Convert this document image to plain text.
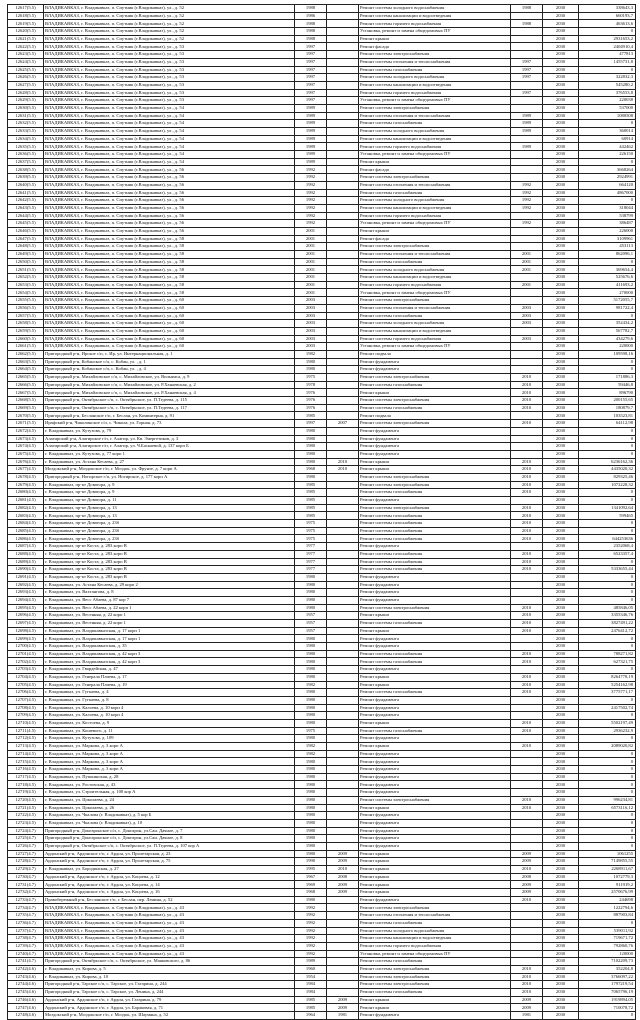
12617(5.5)	ВЛАДИКАВКАЗ, г. Владикавказ, п. Спутник (г.Владикавказ), ул., д. 52	1988		Ремонт системы холодного водоснабжения	1988	2030	338643,3
12618(5.5)	ВЛАДИКАВКАЗ, г. Владикавказ, п. Спутник (г.Владикавказ), ул., д. 52	1986		Ремонт системы канализации и водоотведения		2030	660193,7
12619(5.5)	ВЛАДИКАВКАЗ, г. Владикавказ, п. Спутник (г.Владикавказ), ул., д. 52	1988		Ремонт системы горячего водоснабжения	1988	2030	463613,6
12620(5.5)	ВЛАДИКАВКАЗ, г. Владикавказ, п. Спутник (г.Владикавказ), ул., д. 52	1988		Установка, ремонт и замена общедомовых ПУ		2030	0
12621(5.5)	ВЛАДИКАВКАЗ, г. Владикавказ, п. Спутник (г.Владикавказ), ул., д. 52	1988		Ремонт крыши		2030	2931653,2
12622(5.5)	ВЛАДИКАВКАЗ, г. Владикавказ, п. Спутник (г.Владикавказ), ул., д. 53	1997		Ремонт фасада		2030	2404910,4
12623(5.5)	ВЛАДИКАВКАЗ, г. Владикавказ, п. Спутник (г.Владикавказ), ул., д. 53	1997		Ремонт системы электроснабжения		2030	477813
12624(5.5)	ВЛАДИКАВКАЗ, г. Владикавказ, п. Спутник (г.Владикавказ), ул., д. 53	1997		Ремонт системы отопления и теплоснабжения	1997	2030	1455731,8
12625(5.5)	ВЛАДИКАВКАЗ, г. Владикавказ, п. Спутник (г.Владикавказ), ул., д. 53	1997		Ремонт системы газоснабжения	1997	2030	0
12626(5.5)	ВЛАДИКАВКАЗ, г. Владикавказ, п. Спутник (г.Владикавказ), ул., д. 53	1997		Ремонт системы холодного водоснабжения	1997	2030	322832,3
12627(5.5)	ВЛАДИКАВКАЗ, г. Владикавказ, п. Спутник (г.Владикавказ), ул., д. 53	1997		Ремонт системы канализации и водоотведения		2030	545280,2
12628(5.5)	ВЛАДИКАВКАЗ, г. Владикавказ, п. Спутник (г.Владикавказ), ул., д. 53	1997		Ремонт системы горячего водоснабжения	1997	2030	376553,8
12629(5.5)	ВЛАДИКАВКАЗ, г. Владикавказ, п. Спутник (г.Владикавказ), ул., д. 53	1997		Установка, ремонт и замена общедомовых ПУ		2030	220038
12630(5.5)	ВЛАДИКАВКАЗ, г. Владикавказ, п. Спутник (г.Владикавказ), ул., д. 54	1989		Ремонт системы электроснабжения		2030	537000
12631(5.5)	ВЛАДИКАВКАЗ, г. Владикавказ, п. Спутник (г.Владикавказ), ул., д. 54	1989		Ремонт системы отопления и теплоснабжения	1989	2030	1080508
12632(5.5)	ВЛАДИКАВКАЗ, г. Владикавказ, п. Спутник (г.Владикавказ), ул., д. 54	1989		Ремонт системы газоснабжения	1989	2030	0
12633(5.5)	ВЛАДИКАВКАЗ, г. Владикавказ, п. Спутник (г.Владикавказ), ул., д. 54	1989		Ремонт системы холодного водоснабжения	1989	2030	360014
12634(5.5)	ВЛАДИКАВКАЗ, г. Владикавказ, п. Спутник (г.Владикавказ), ул., д. 54	1989		Ремонт системы канализации и водоотведения		2030	60914
12635(5.5)	ВЛАДИКАВКАЗ, г. Владикавказ, п. Спутник (г.Владикавказ), ул., д. 54	1989		Ремонт системы горячего водоснабжения	1989	2030	442462
12636(5.5)	ВЛАДИКАВКАЗ, г. Владикавказ, п. Спутник (г.Владикавказ), ул., д. 54	1989		Установка, ремонт и замена общедомовых ПУ		2030	226150
12637(5.5)	ВЛАДИКАВКАЗ, г. Владикавказ, п. Спутник (г.Владикавказ), ул., д. 54	1989		Ремонт крыши		2030	0
12638(5.5)	ВЛАДИКАВКАЗ, г. Владикавказ, п. Спутник (г.Владикавказ), ул., д. 56	1992		Ремонт фасада		2030	3668264
12639(5.5)	ВЛАДИКАВКАЗ, г. Владикавказ, п. Спутник (г.Владикавказ), ул., д. 56	1992		Ремонт системы электроснабжения		2030	2924991
12640(5.5)	ВЛАДИКАВКАЗ, г. Владикавказ, п. Спутник (г.Владикавказ), ул., д. 56	1992		Ремонт системы отопления и теплоснабжения	1992	2030	664120
12641(5.5)	ВЛАДИКАВКАЗ, г. Владикавказ, п. Спутник (г.Владикавказ), ул., д. 56	1992		Ремонт системы газоснабжения	1992	2030	4867000
12642(5.5)	ВЛАДИКАВКАЗ, г. Владикавказ, п. Спутник (г.Владикавказ), ул., д. 56	1992		Ремонт системы холодного водоснабжения	1992	2030	0
12643(5.5)	ВЛАДИКАВКАЗ, г. Владикавказ, п. Спутник (г.Владикавказ), ул., д. 56	1992		Ремонт системы канализации и водоотведения	1992	2030	318044
12644(5.5)	ВЛАДИКАВКАЗ, г. Владикавказ, п. Спутник (г.Владикавказ), ул., д. 56	1992		Ремонт системы горячего водоснабжения		2030	538799
12645(5.5)	ВЛАДИКАВКАЗ, г. Владикавказ, п. Спутник (г.Владикавказ), ул., д. 56	1992		Установка, ремонт и замена общедомовых ПУ	1992	2030	386487
12646(5.5)	ВЛАДИКАВКАЗ, г. Владикавказ, п. Спутник (г.Владикавказ), ул., д. 56	2001		Ремонт крыши		2030	226000
12647(5.5)	ВЛАДИКАВКАЗ, г. Владикавказ, п. Спутник (г.Владикавказ), ул., д. 58	2001		Ремонт фасада		2030	3109961
12648(5.5)	ВЛАДИКАВКАЗ, г. Владикавказ, п. Спутник (г.Владикавказ), ул., д. 58	2001		Ремонт системы электроснабжения		2030	453113
12649(5.5)	ВЛАДИКАВКАЗ, г. Владикавказ, п. Спутник (г.Владикавказ), ул., д. 58	2001		Ремонт системы отопления и теплоснабжения	2001	2030	862096,1
12650(5.5)	ВЛАДИКАВКАЗ, г. Владикавказ, п. Спутник (г.Владикавказ), ул., д. 58	2001		Ремонт системы газоснабжения	2001	2030	0
12651(5.5)	ВЛАДИКАВКАЗ, г. Владикавказ, п. Спутник (г.Владикавказ), ул., д. 58	2001		Ремонт системы холодного водоснабжения	2001	2030	369654,4
12652(5.5)	ВЛАДИКАВКАЗ, г. Владикавказ, п. Спутник (г.Владикавказ), ул., д. 58	2001		Ремонт системы канализации и водоотведения		2030	525676,6
12653(5.5)	ВЛАДИКАВКАЗ, г. Владикавказ, п. Спутник (г.Владикавказ), ул., д. 58	2001		Ремонт системы горячего водоснабжения	2001	2030	411693,2
12654(5.5)	ВЛАДИКАВКАЗ, г. Владикавказ, п. Спутник (г.Владикавказ), ул., д. 58	2001		Установка, ремонт и замена общедомовых ПУ		2030	270000
12655(5.5)	ВЛАДИКАВКАЗ, г. Владикавказ, п. Спутник (г.Владикавказ), ул., д. 60	2003		Ремонт системы электроснабжения		2030	5172055,7
12656(5.5)	ВЛАДИКАВКАЗ, г. Владикавказ, п. Спутник (г.Владикавказ), ул., д. 60	2003		Ремонт системы отопления и теплоснабжения	2003	2030	981722,4
12657(5.5)	ВЛАДИКАВКАЗ, г. Владикавказ, п. Спутник (г.Владикавказ), ул., д. 60	2003		Ремонт системы газоснабжения	2003	2030	0
12658(5.5)	ВЛАДИКАВКАЗ, г. Владикавказ, п. Спутник (г.Владикавказ), ул., д. 60	2003		Ремонт системы холодного водоснабжения	2003	2030	352434,2
12659(5.5)	ВЛАДИКАВКАЗ, г. Владикавказ, п. Спутник (г.Владикавказ), ул., д. 60	2003		Ремонт системы канализации и водоотведения		2030	567782,7
12660(5.5)	ВЛАДИКАВКАЗ, г. Владикавказ, п. Спутник (г.Владикавказ), ул., д. 60	2003		Ремонт системы горячего водоснабжения	2003	2030	434279,6
12661(5.5)	ВЛАДИКАВКАЗ, г. Владикавказ, п. Спутник (г.Владикавказ), ул., д. 60	2003		Установка, ремонт и замена общедомовых ПУ		2030	220000
12662(5.5)	Пригородный р-н, Ирское с/п, с. Ир, ул. Интернациональная, д. 1	1982		Ремонт подвала		2030	109598,16
12663(5.5)	Пригородный р-н, Кобанское с/п, с. Кобан, ул. , д. 1	1980		Ремонт фундамента		2030	0
12664(5.5)	Пригородный р-н, Кобанское с/п, с. Кобан, ул. , д. 4	1980		Ремонт фундамента		2030	0
12665(5.5)	Пригородный р-н, Михайловское с/п, с. Михайловское, ул. Вильямса, д. 9	1975		Ремонт системы электроснабжения	2010	2030	171886,3
12666(5.5)	Пригородный р-н, Михайловское с/п, с. Михайловское, ул. Р.Ханаевская, д. 2	1978		Ремонт системы газоснабжения	2010	2030	59446,8
12667(5.5)	Пригородный р-н, Михайловское с/п, с. Михайловское, ул. Р.Ханаевская, д. 4	1976		Ремонт крыши	2010	2030	896790
12668(5.5)	Пригородный р-н, Октябрьское с/п, с. Октябрьское, ул. П.Тедеева, д. 115	1976		Ремонт системы электроснабжения	2010	2030	200155,65
12669(5.5)	Пригородный р-н, Октябрьское с/п, с. Октябрьское, ул. П.Тедеева, д. 117	1976		Ремонт системы газоснабжения	2010	2030	180879,7
12670(5.5)	Пригородный р-н, Бесланское г/п, г. Беслан, ул. Коминтерна, д. 91	1985		Ремонт подвала		2030	103523,81
12671(5.5)	Ирафский р-н, Чиколинское с/п, с. Чикола, ул. Горная, д. 73	1997	2007	Ремонт системы электроснабжения	2010	2030	64112,98
12672(4.5)	г. Владикавказ, ул. Кутузова, д. 79	1980		Ремонт фундамента		2030	0
12673(4.5)	Алагирский р-н, Алагирское г/п, г. Алагир, ул. Кв. Энергетиков, д. 3	1980		Ремонт фундамента		2030	0
12674(4.5)	Алагирский р-н, Алагирское г/п, г. Алагир, ул. Ч.Баскаевой, д. 137 корп Б	1980		Ремонт фундамента		2030	0
12675(4.5)	г. Владикавказ, ул. Кутузова, д. 77 корп 1	1980		Ремонт фундамента		2030	0
12676(4.5)	г. Владикавказ, ул. Астана Кесаева, д. 27	1980	2010	Ремонт крыши	2010	2030	6236162,36
12677(4.5)	Моздокский р-н, Моздокское г/п, г. Моздок, ул. Фрунзе, д. 7 корп А	1968	2010	Ремонт крыши	2010	2030	4435020,32
12678(4.5)	Пригородный р-н, Ногирское г/п, ул. Ногирское, д. 177 корп А	1980		Ремонт системы электроснабжения	2010	2030	829325,46
12679(4.5)	г. Владикавказ, пр-кт Доватора, д. 9	1985		Ремонт системы электроснабжения	2010	2030	1072228,32
12680(4.5)	г. Владикавказ, пр-кт Доватора, д. 9	1985		Ремонт системы газоснабжения	2010	2030	0
12681(4.5)	г. Владикавказ, пр-кт Доватора, д. 11	1985		Ремонт фундамента		2030	0
12682(4.5)	г. Владикавказ, пр-кт Доватора, д. 13	1985		Ремонт системы электроснабжения	2010	2030	1341092,64
12683(4.5)	г. Владикавказ, пр-кт Доватора, д. 13	1985		Ремонт системы газоснабжения	2010	2030	599465
12684(4.5)	г. Владикавказ, пр-кт Доватора, д. 23б	1975		Ремонт системы газоснабжения	2010	2030	0
12685(4.5)	г. Владикавказ, пр-кт Доватора, д. 23б	1975		Ремонт системы газоснабжения	2010	2030	0
12686(4.5)	г. Владикавказ, пр-кт Доватора, д. 23б	1975		Ремонт системы газоснабжения	2010	2030	644253636
12687(4.5)	г. Владикавказ, пр-кт Коста, д. 283 корп В	1977		Ремонт фундамента		2030	2352068,4
12688(4.5)	г. Владикавказ, пр-кт Коста, д. 283 корп В	1977		Ремонт системы газоснабжения	2010	2030	6523357,4
12689(4.5)	г. Владикавказ, пр-кт Коста, д. 283 корп В	1977		Ремонт системы газоснабжения	2010	2030	0
12690(4.5)	г. Владикавказ, пр-кт Коста, д. 283 корп В	1977		Ремонт системы газоснабжения	2010	2030	5333655,44
12691(4.5)	г. Владикавказ, пр-кт Коста, д. 283 корп В	1980		Ремонт фундамента		2030	0
12692(4.5)	г. Владикавказ, ул. Астана Кесаева, д. 29 корп 2	1980		Ремонт фундамента		2030	0
12693(4.5)	г. Владикавказ, ул. Вахтангова, д. 8	1980		Ремонт фундамента		2030	0
12694(4.5)	г. Владикавказ, ул. Весс Абаева, д. 87 кор 7	1980		Ремонт фундамента		2030	0
12695(4.5)	г. Владикавказ, ул. Весс Абаева, д. 22 корп 1	1980		Ремонт системы электроснабжения	2010	2030	485846,05
12696(4.5)	г. Владикавказ, ул. Весенняя, д. 22 корп 1	1957		Ремонт крыши	2010	2030	3355346,76
12697(4.5)	г. Владикавказ, ул. Весенняя, д. 22 корп 1	1957		Ремонт системы газоснабжения	2010	2030	3827491,22
12698(4.5)	г. Владикавказ, ул. Владикавказская, д. 17 корп 1	1957		Ремонт крыши	2010	2030	2476412,72
12699(4.5)	г. Владикавказ, ул. Владикавказская, д. 17 корп 1	1980		Ремонт фундамента		2030	0
12700(4.5)	г. Владикавказ, ул. Владикавказская, д. 35	1980		Ремонт фундамента		2030	0
12701(4.5)	г. Владикавказ, ул. Владикавказская, д. 42 корп 3	1980		Ремонт системы газоснабжения	2010	2030	788271,82
12702(4.5)	г. Владикавказ, ул. Владикавказская, д. 42 корп 3	1980		Ремонт системы газоснабжения	2010	2030	627321,75
12703(4.5)	г. Владикавказ, ул. Гвардейская, д. 47	1980		Ремонт фундамента		2030	0
12704(4.5)	г. Владикавказ, ул. Генерала Плиева, д. 17	1980		Ремонт крыши	2010	2030	8264778,19
12705(4.5)	г. Владикавказ, ул. Генерала Плиева, д. 19	1982		Ремонт крыши	2010	2030	5254162,98
12706(4.5)	г. Владикавказ, ул. Гугкаева, д. 4	1980		Ремонт системы газоснабжения	2010	2030	3775771,17
12707(4.5)	г. Владикавказ, ул. Гугкаева, д. 8	1980		Ремонт фундамента		2030	0
12708(4.5)	г. Владикавказ, ул. Калоева, д. 10 корп 4	1980		Ремонт фундамента		2030	2417502,74
12709(4.5)	г. Владикавказ, ул. Калоева, д. 10 корп 4	1980		Ремонт фундамента		2030	0
12710(4.5)	г. Владикавказ, ул. Костоева, д. 9	1980		Ремонт крыши	2010	2030	5502197,49
12711(4.5)	г. Владикавказ, ул. Кошевого, д. 11	1975		Ремонт системы газоснабжения	2010	2030	2936232,9
12712(4.5)	г. Владикавказ, ул. Кутузова, д. 109	1980		Ремонт фундамента		2030	0
12713(4.5)	г. Владикавказ, ул. Маркова, д. 3 корп А	1982		Ремонт крыши	2010	2030	2089020,82
12714(4.5)	г. Владикавказ, ул. Маркова, д. 3 корп А	1982		Ремонт фундамента		2030	0
12715(4.5)	г. Владикавказ, ул. Маркова, д. 3 корп А	1980		Ремонт фундамента		2030	0
12716(4.5)	г. Владикавказ, ул. Маркова, д. 3 корп А	1980		Ремонт фундамента		2030	0
12717(4.5)	г. Владикавказ, ул. Пушкинская, д. 28	1980		Ремонт фундамента		2030	0
12718(4.5)	г. Владикавказ, ул. Ростовская, д. 43	1980		Ремонт фундамента		2030	0
12719(4.5)	г. Владикавказ, ул. Строительная, д. 100 кор А	1980		Ремонт фундамента		2030	0
12720(4.5)	г. Владикавказ, ул. Цоколаева, д. 24	1980		Ремонт системы электроснабжения	2010	2030	996234,81
12721(4.5)	г. Владикавказ, ул. Цоколаева, д. 26	1980		Ремонт крыши	2010	2030	6573116,12
12722(4.5)	г. Владикавказ, ул. Чкалова (г. Владикавказ), д. 5 кор Б	1980		Ремонт фундамента		2030	0
12723(4.5)	г. Владикавказ, ул. Чкалова (г. Владикавказ), д. 10	1980		Ремонт фундамента		2030	0
12724(4.7)	Пригородный р-н, Донгаронское с/п, с. Донгарон, ул.Сан. Дачное, д. 7	1980		Ремонт фундамента		2030	0
12725(4.7)	Пригородный р-н, Донгаронское с/п, с. Донгарон, ул.Сан. Дачное, д. 8	1980		Ремонт фундамента		2030	0
12726(4.7)	Пригородный р-н, Октябрьское с/п, с. Октябрьское, ул. П.Тедеева, д. 107 кор А	1980		Ремонт фундамента		2030	0
12727(4.7)	Ардонский р-н, Ардонское г/п, г. Ардон, ул. Пролетарская, д. 23	1980	2009	Ремонт крыши	2009	2030	1061255
12728(4.7)	Ардонский р-н, Ардонское г/п, г. Ардон, ул. Пролетарская, д. 75	1990	2009	Ремонт крыши	2009	2030	7149855,55
12729(4.7)	г. Владикавказ, ул. Бородинская, д. 27	1995	2010	Ремонт крыши	2010	2030	2268911,67
12730(4.7)	Ардонский р-н, Ардонское г/п, г. Ардон, ул. Коцоева, д. 12	1967	2008	Ремонт крыши	2008	2030	1072779,3
12731(4.7)	Ардонский р-н, Ардонское г/п, г. Ардон, ул. Коцоева, д. 14	1969	2009	Ремонт крыши	2009	2030	911919,2
12732(4.7)	Ардонский р-н, Ардонское г/п, г. Ардон, ул. Коцоева, д. 16	1968	2009	Ремонт крыши	2009	2030	2570676,99
12733(4.7)	Правобережный р-н, Бесланское г/п, г. Беслан, пер. Ленина, д. 52	1980		Ремонт фундамента	2010	2030	244698
12734(4.7)	ВЛАДИКАВКАЗ, г. Владикавказ, п. Спутник (г.Владикавказ), ул., д. 43	1992		Ремонт системы электроснабжения		2030	1222794,6
12735(4.7)	ВЛАДИКАВКАЗ, г. Владикавказ, п. Спутник (г.Владикавказ), ул., д. 43	1992		Ремонт системы отопления и теплоснабжения		2030	887903,84
12736(4.7)	ВЛАДИКАВКАЗ, г. Владикавказ, п. Спутник (г.Владикавказ), ул., д. 43	1992		Ремонт системы газоснабжения		2030	0
12737(4.7)	ВЛАДИКАВКАЗ, г. Владикавказ, п. Спутник (г.Владикавказ), ул., д. 43	1992		Ремонт системы холодного водоснабжения		2030	539011,92
12738(4.7)	ВЛАДИКАВКАЗ, г. Владикавказ, п. Спутник (г.Владикавказ), ул., д. 43	1992		Ремонт системы канализации и водоотведения		2030	719671,72
12739(4.7)	ВЛАДИКАВКАЗ, г. Владикавказ, п. Спутник (г.Владикавказ), ул., д. 43	1992		Ремонт системы горячего водоснабжения		2030	792860,76
12740(4.7)	ВЛАДИКАВКАЗ, г. Владикавказ, п. Спутник (г.Владикавказ), ул., д. 43	1992		Установка, ремонт и замена общедомовых ПУ		2030	120000
12741(4.7)	Пригородный р-н, Октябрьское с/п, с. Октябрьское, ул. Маяковского, д. 86	1989		Ремонт системы газоснабжения		2030	7102209,73
12742(4.6)	г. Владикавказ, ул. Кирова, д. 5	1960		Ремонт системы электроснабжения	2010	2030	352204,8
12743(4.6)	г. Владикавказ, ул. Кирова, д. 10	1954		Ремонт системы электроснабжения	2010	2030	3766097,22
12744(4.6)	Пригородный р-н, Тарское с/п, с. Тарское, ул. Гагарина, д. 244	1984		Ремонт системы электроснабжения	2010	2030	1797219,54
12745(4.6)	Пригородный р-н, Тарское с/п, с. Тарское, ул. Ленина, д. 244	1984		Ремонт системы газоснабжения	2010	2030	7065796,19
12746(4.6)	Ардонский р-н, Ардонское г/п, г. Ардон, ул. Гагарина, д. 79	1985	2009	Ремонт крыши	2009	2030	1919894,05
12747(4.6)	Ардонский р-н, Ардонское г/п, г. Ардон, ул. Бараковая, д. 71	1985	2009	Ремонт крыши	2009	2030	710078,72
12748(4.6)	Моздокский р-н, Моздокское г/п, г. Моздок, ул. Шаумяна, д. 52	1964	1981	Ремонт фундамента	1981	2030	0
